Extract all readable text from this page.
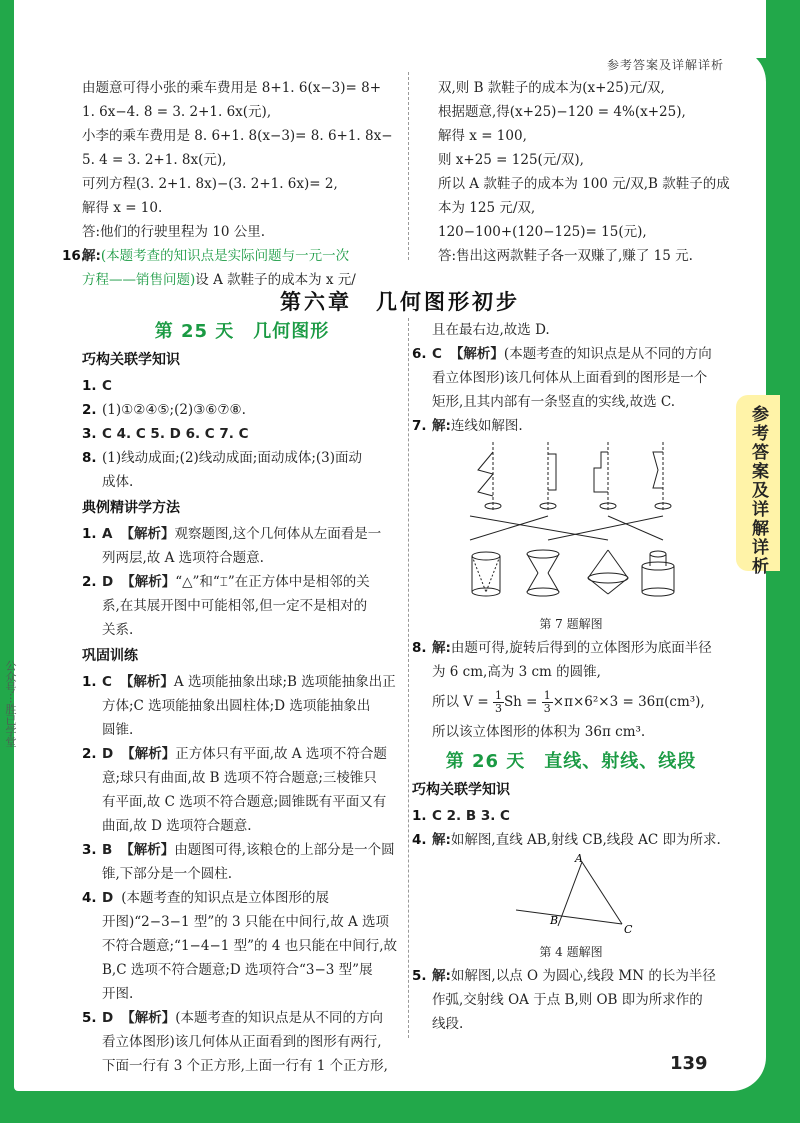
参考答案及详解详析
参考答案及详解详析
公众号···胜已学堂
由题意可得小张的乘车费用是 8+1. 6(x−3)= 8+
1. 6x−4. 8 = 3. 2+1. 6x(元),
小李的乘车费用是 8. 6+1. 8(x−3)= 8. 6+1. 8x−
5. 4 = 3. 2+1. 8x(元),
可列方程(3. 2+1. 8x)−(3. 2+1. 6x)= 2,
解得 x = 10.
答:他们的行驶里程为 10 公里.
16.
解:(本题考查的知识点是实际问题与一元一次
方程——销售问题)设 A 款鞋子的成本为 x 元/
双,则 B 款鞋子的成本为(x+25)元/双,
根据题意,得(x+25)−120 = 4%(x+25),
解得 x = 100,
则 x+25 = 125(元/双),
所以 A 款鞋子的成本为 100 元/双,B 款鞋子的成
本为 125 元/双,
120−100+(120−125)= 15(元),
答:售出这两款鞋子各一双赚了,赚了 15 元.
第六章　几何图形初步
第 25 天　几何图形
巧构关联学知识
1. C
2. (1)①②④⑤;(2)③⑥⑦⑧.
3. C 4. C 5. D 6. C 7. C
8. (1)线动成面;(2)线动成面;面动成体;(3)面动
成体.
典例精讲学方法
1. A 【解析】观察题图,这个几何体从左面看是一
列两层,故 A 选项符合题意.
2. D 【解析】“△”和“⌶”在正方体中是相邻的关
系,在其展开图中可能相邻,但一定不是相对的
关系.
巩固训练
1. C 【解析】A 选项能抽象出球;B 选项能抽象出正
方体;C 选项能抽象出圆柱体;D 选项能抽象出
圆锥.
2. D 【解析】正方体只有平面,故 A 选项不符合题
意;球只有曲面,故 B 选项不符合题意;三棱锥只
有平面,故 C 选项不符合题意;圆锥既有平面又有
曲面,故 D 选项符合题意.
3. B 【解析】由题图可得,该粮仓的上部分是一个圆
锥,下部分是一个圆柱.
4. D (本题考查的知识点是立体图形的展
开图)“2−3−1 型”的 3 只能在中间行,故 A 选项
不符合题意;“1−4−1 型”的 4 也只能在中间行,故
B,C 选项不符合题意;D 选项符合“3−3 型”展
开图.
5. D 【解析】(本题考查的知识点是从不同的方向
看立体图形)该几何体从正面看到的图形有两行,
下面一行有 3 个正方形,上面一行有 1 个正方形,
且在最右边,故选 D.
6. C 【解析】(本题考查的知识点是从不同的方向
看立体图形)该几何体从上面看到的图形是一个
矩形,且其内部有一条竖直的实线,故选 C.
7. 解:连线如解图.
第 7 题解图
8. 解:由题可得,旋转后得到的立体图形为底面半径
为 6 cm,高为 3 cm 的圆锥,
所以 $V = \frac{1}{3}$ $Sh = \frac{1}{3} \times\pi\times 6^2\times 3 = 36\pi(cm^3)$,
所以该立体图形的体积为 36π cm³.
第 26 天　直线、射线、线段
巧构关联学知识
1. C 2. B 3. C
4. 解:如解图,直线 AB,射线 CB,线段 AC 即为所求.
A
B
C
第 4 题解图
5. 解:如解图,以点 O 为圆心,线段 MN 的长为半径
作弧,交射线 OA 于点 B,则 OB 即为所求作的
线段.
139
